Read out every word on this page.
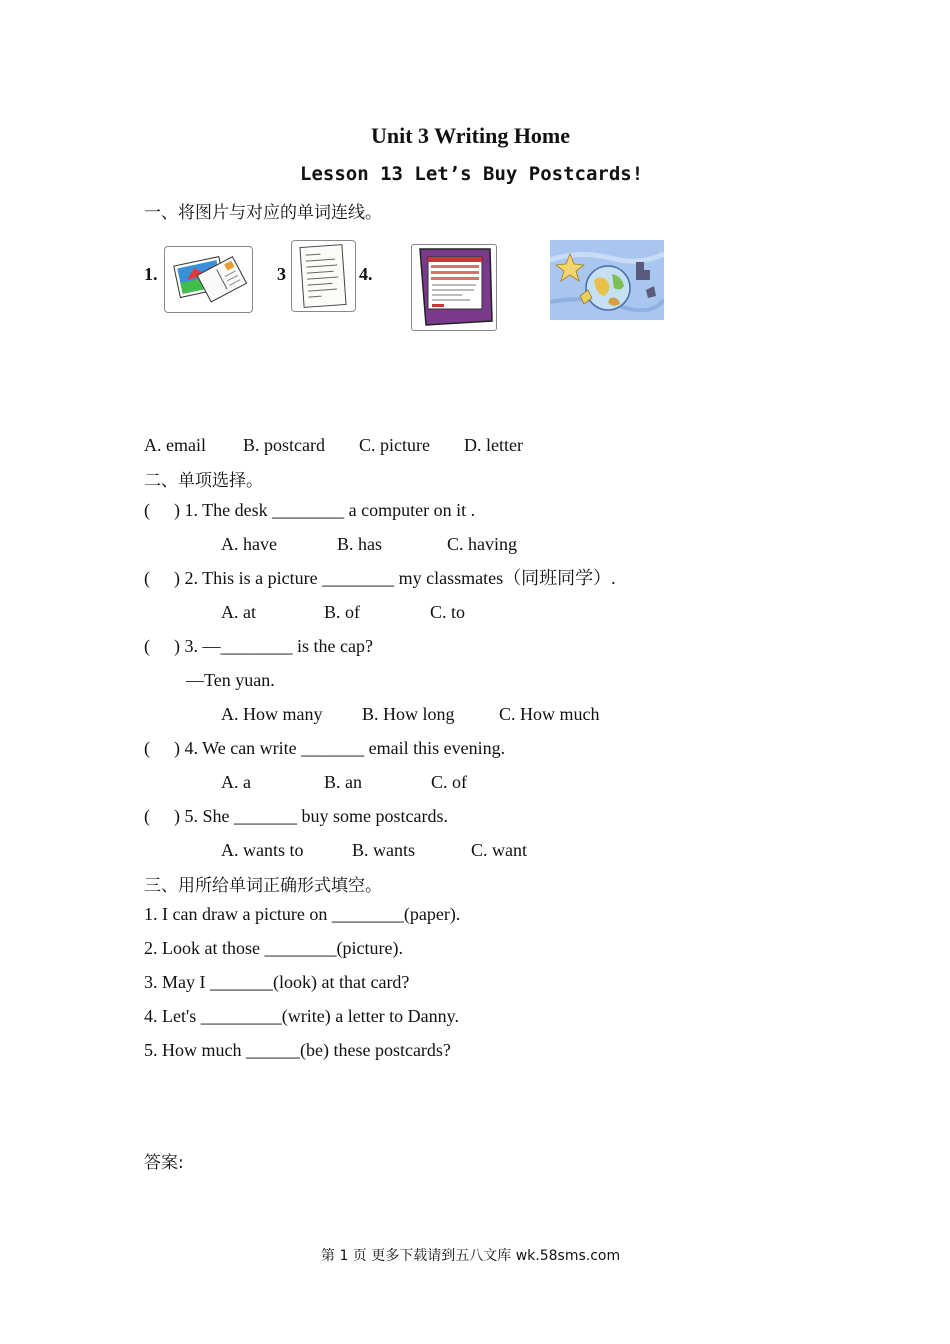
Unit 3 Writing Home
Lesson 13 Let’s Buy Postcards!
一、将图片与对应的单词连线。
1.	3	4.
A. email B. postcard C. picture D. letter
二、单项选择。
( ) 1. The desk ________ a computer on it .
A. have	B. has	C. having
( ) 2. This is a picture ________ my classmates（同班同学）.
A. at	B. of	C. to
( ) 3. —________ is the cap?
—Ten yuan.
A. How many B. How long C. How much
( ) 4. We can write _______ email this evening.
A. a	B. an	C. of
( ) 5. She _______ buy some postcards.
A. wants to	B. wants	C. want
三、用所给单词正确形式填空。
1. I can draw a picture on ________(paper).
2. Look at those ________(picture).
3. May I _______(look) at that card?
4. Let's _________(write) a letter to Danny.
5. How much ______(be) these postcards?
答案:
第 1 页 更多下载请到五八文库 wk.58sms.com
